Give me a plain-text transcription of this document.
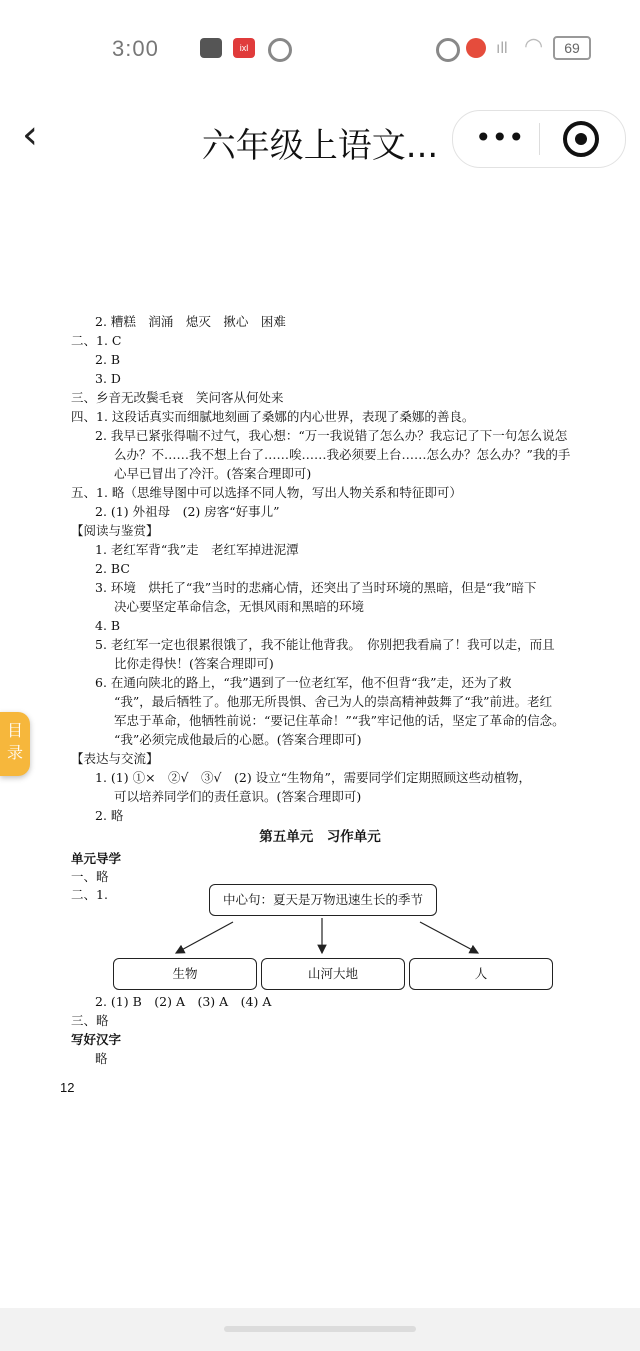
3:00	ixl	ıll ◠	69
‹	六年级上语文...	•••
2. 糟糕　润涌　熄灭　揪心　困难
二、1. C
2. B
3. D
三、乡音无改鬓毛衰　笑问客从何处来
四、1. 这段话真实而细腻地刻画了桑娜的内心世界，表现了桑娜的善良。
2. 我早已紧张得喘不过气，我心想：“万一我说错了怎么办？我忘记了下一句怎么说怎
么办？不……我不想上台了……唉……我必须要上台……怎么办？怎么办？”我的手
心早已冒出了冷汗。(答案合理即可)
五、1. 略（思维导图中可以选择不同人物，写出人物关系和特征即可）
2. (1) 外祖母　(2) 房客“好事儿”
【阅读与鉴赏】
1. 老红军背“我”走　老红军掉进泥潭
2. BC
3. 环境　烘托了“我”当时的悲痛心情，还突出了当时环境的黑暗，但是“我”暗下
决心要坚定革命信念，无惧风雨和黑暗的环境
4. B
5. 老红军一定也很累很饿了，我不能让他背我。　你别把我看扁了！我可以走，而且
比你走得快！(答案合理即可)
6. 在通向陕北的路上，“我”遇到了一位老红军，他不但背“我”走，还为了救
“我”，最后牺牲了。他那无所畏惧、舍己为人的崇高精神鼓舞了“我”前进。老红
军忠于革命，他牺牲前说：“要记住革命！”“我”牢记他的话，坚定了革命的信念。
“我”必须完成他最后的心愿。(答案合理即可)
【表达与交流】
1. (1) ①×　②√　③√　(2) 设立“生物角”，需要同学们定期照顾这些动植物，
可以培养同学们的责任意识。(答案合理即可)
2. 略
第五单元　习作单元
单元导学
一、略
二、1.	中心句：夏天是万物迅速生长的季节
生物	山河大地	人
2. (1) B　(2) A　(3) A　(4) A
三、略
写好汉字
略
12
目录
